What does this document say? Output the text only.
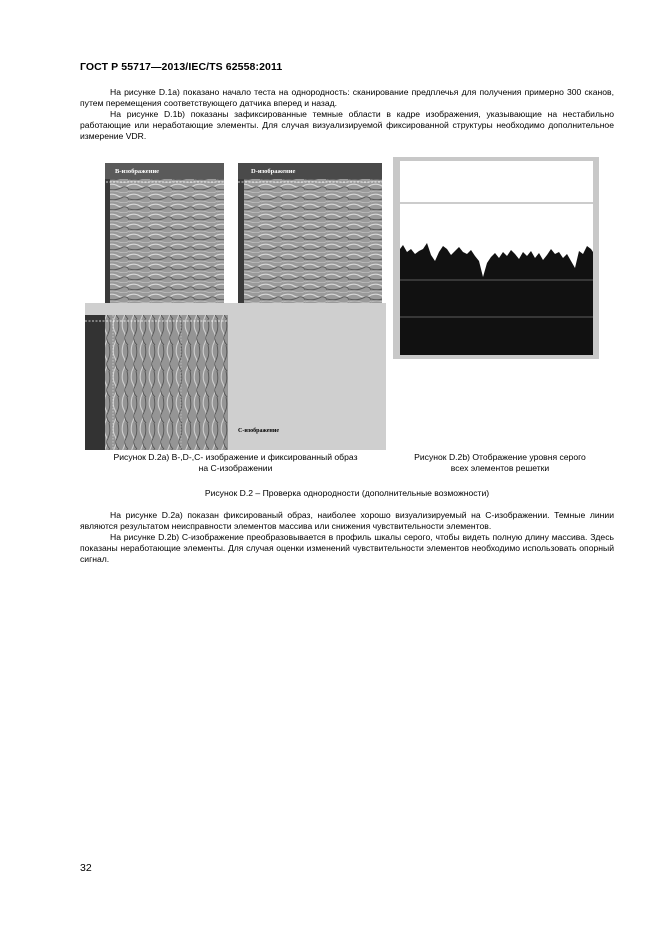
ГОСТ Р 55717—2013/IEC/TS 62558:2011

На рисунке D.1a) показано начало теста на однородность: сканирование предплечья для получения примерно 300 сканов, путем перемещения соответствующего датчика вперед и назад.

На рисунке D.1b) показаны зафиксированные темные области в кадре изображения, указывающие на нестабильно работающие или неработающие элементы. Для случая визуализируемой фиксированной структуры необходимо дополнительное измерение VDR.

B-изображение	D-изображение
C-изображение
Рисунок D.2a) B-,D-,C- изображение и фиксированный образ
на C-изображении
Рисунок D.2b) Отображение уровня серого
всех элементов решетки
Рисунок D.2 – Проверка однородности (дополнительные возможности)

На рисунке D.2a) показан фиксированый образ, наиболее хорошо визуализируемый на C-изображении. Темные линии являются результатом неисправности элементов массива или снижения чувствительности элементов.

На рисунке D.2b) C-изображение преобразовывается в профиль шкалы серого, чтобы видеть полную длину массива. Здесь показаны неработающие элементы. Для случая оценки изменений чувствительности элементов необходимо использовать опорный сигнал.

32
